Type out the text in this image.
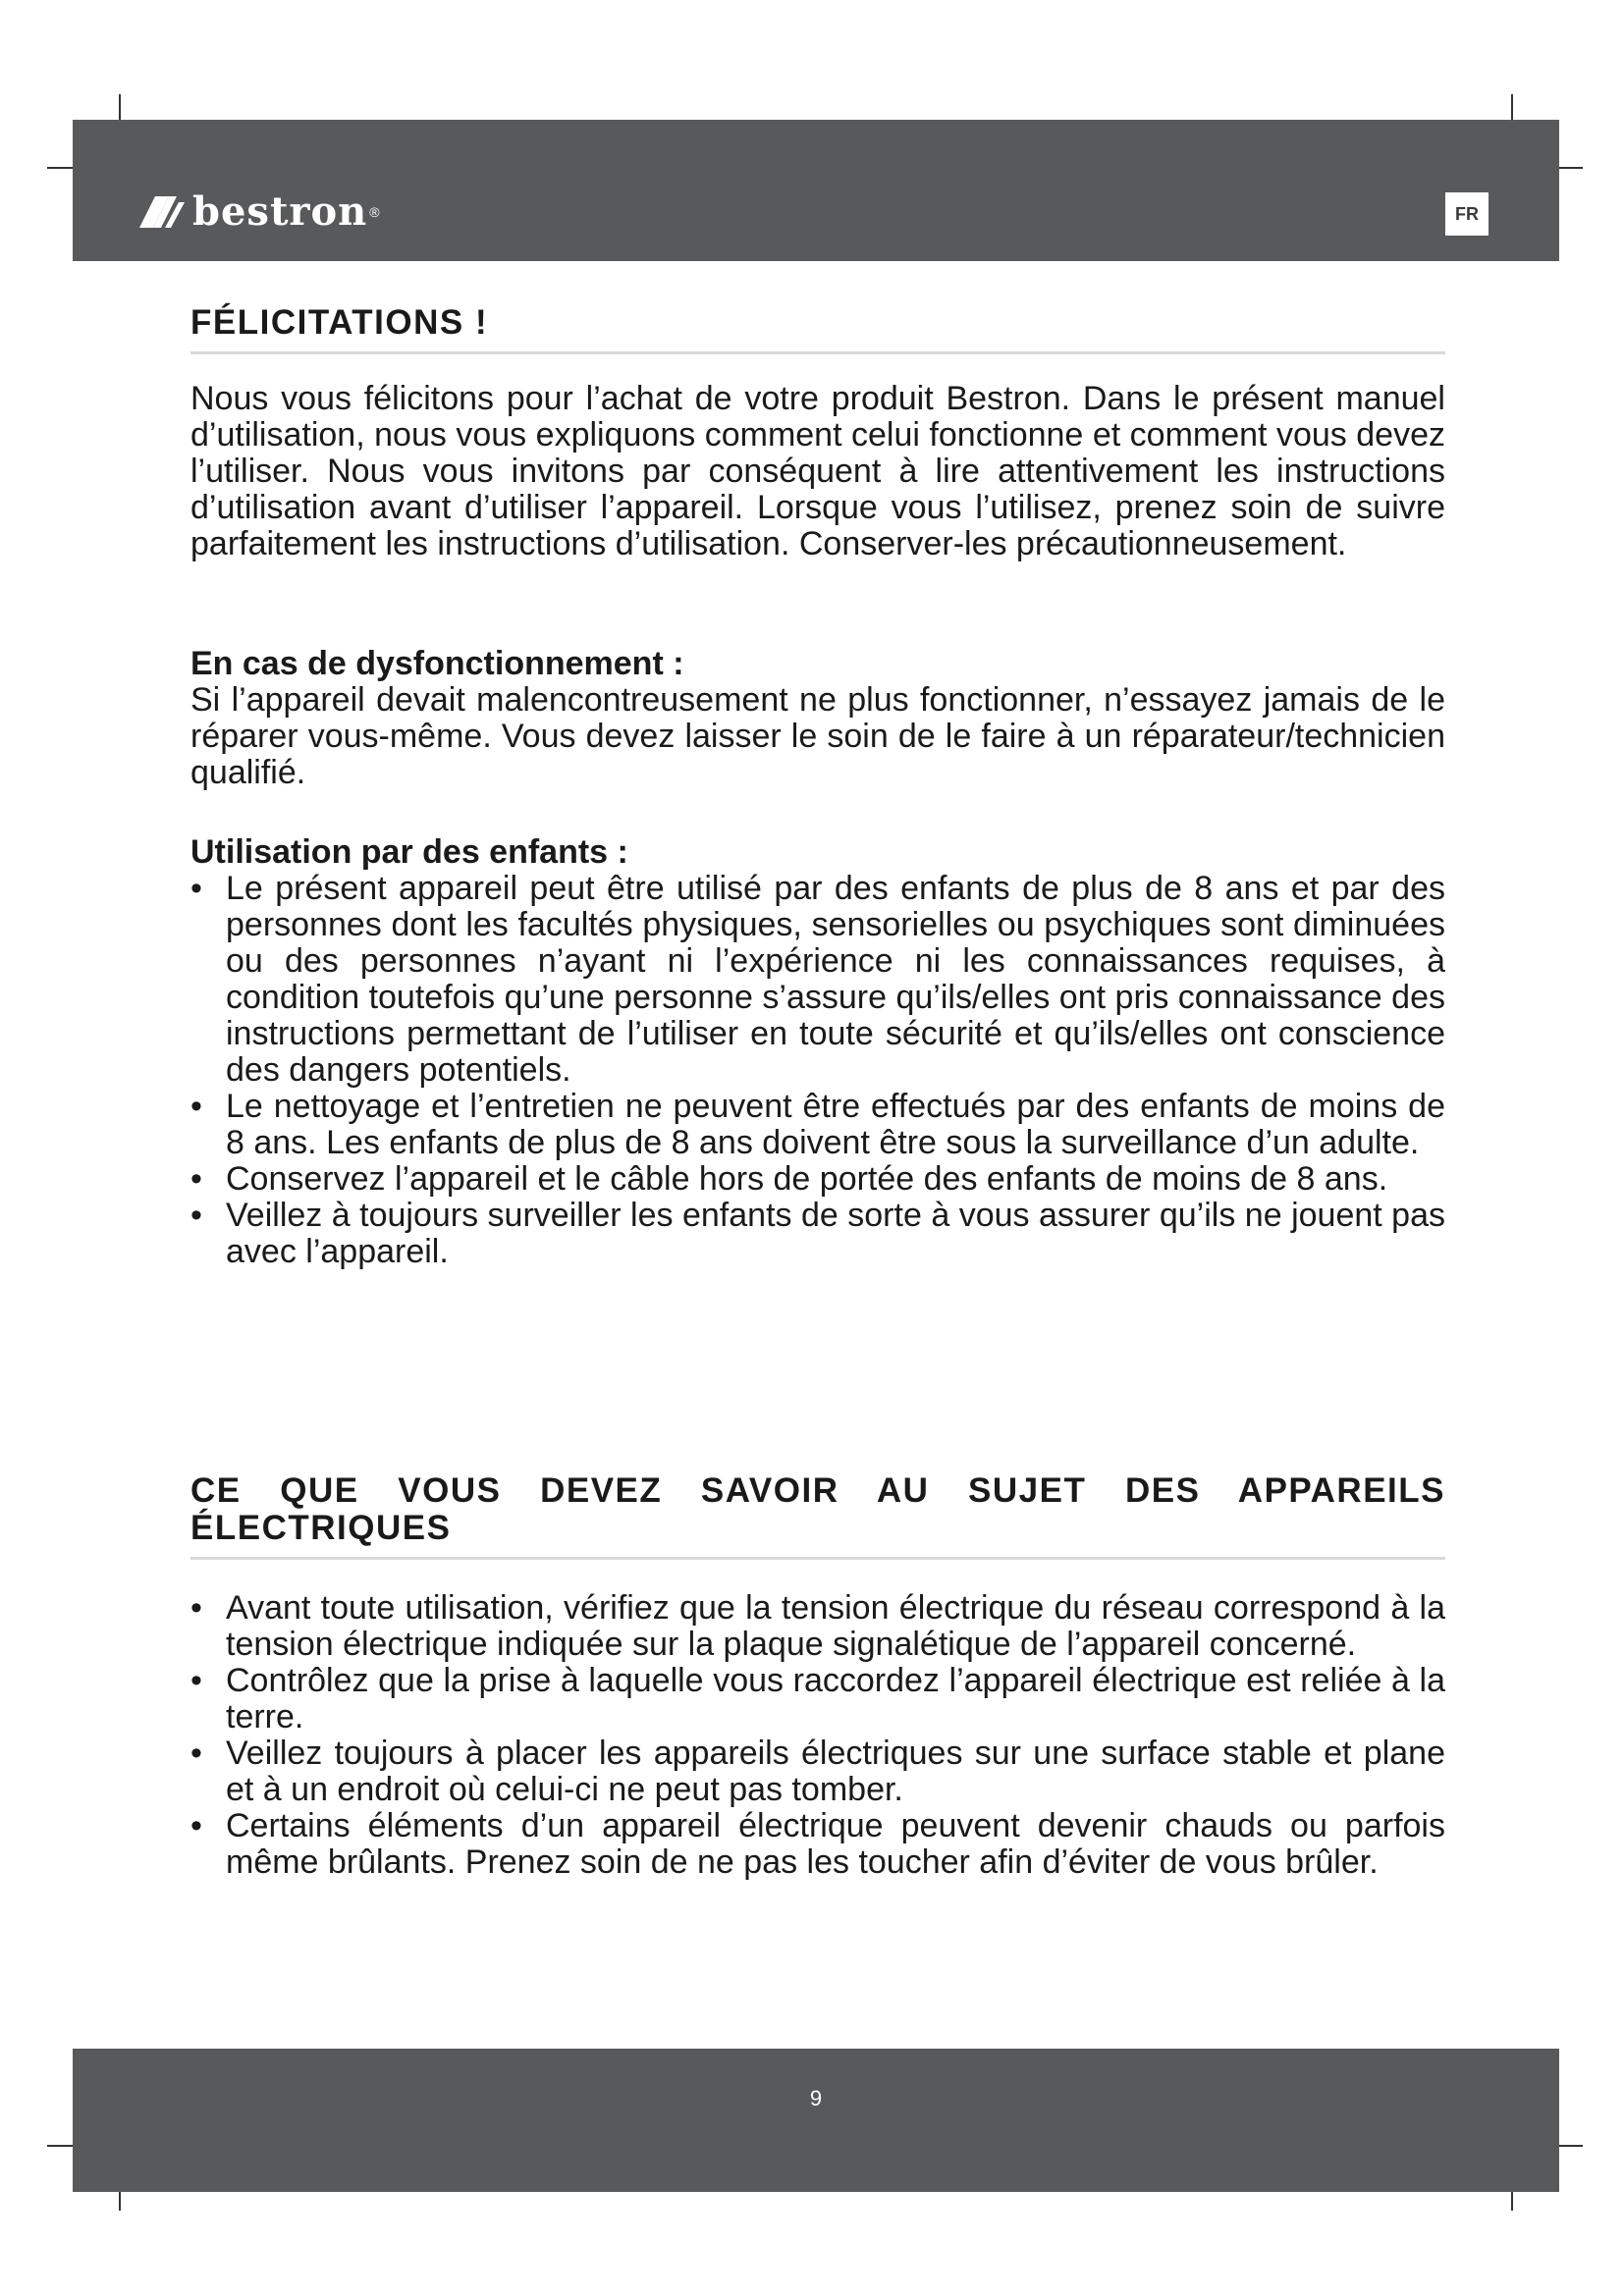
bestron ®	FR
FÉLICITATIONS !

Nous vous félicitons pour l’achat de votre produit Bestron. Dans le présent manuel d’utilisation, nous vous expliquons comment celui fonctionne et comment vous devez l’utiliser. Nous vous invitons par conséquent à lire attentivement les instructions d’utilisation avant d’utiliser l’appareil. Lorsque vous l’utilisez, prenez soin de suivre parfaitement les instructions d’utilisation. Conserver-les précautionneusement.

En cas de dysfonctionnement :

Si l’appareil devait malencontreusement ne plus fonctionner, n’essayez jamais de le réparer vous-même. Vous devez laisser le soin de le faire à un réparateur/technicien qualifié.

Utilisation par des enfants :
• Le présent appareil peut être utilisé par des enfants de plus de 8 ans et par des personnes dont les facultés physiques, sensorielles ou psychiques sont diminuées ou des personnes n’ayant ni l’expérience ni les connaissances requises, à condition toutefois qu’une personne s’assure qu’ils/elles ont pris connaissance des instructions permettant de l’utiliser en toute sécurité et qu’ils/elles ont conscience des dangers potentiels.
• Le nettoyage et l’entretien ne peuvent être effectués par des enfants de moins de 8 ans. Les enfants de plus de 8 ans doivent être sous la surveillance d’un adulte.
• Conservez l’appareil et le câble hors de portée des enfants de moins de 8 ans.
• Veillez à toujours surveiller les enfants de sorte à vous assurer qu’ils ne jouent pas avec l’appareil.
CE QUE VOUS DEVEZ SAVOIR AU SUJET DES APPAREILS
ÉLECTRIQUES
• Avant toute utilisation, vérifiez que la tension électrique du réseau correspond à la tension électrique indiquée sur la plaque signalétique de l’appareil concerné.
• Contrôlez que la prise à laquelle vous raccordez l’appareil électrique est reliée à la terre.
• Veillez toujours à placer les appareils électriques sur une surface stable et plane et à un endroit où celui-ci ne peut pas tomber.
• Certains éléments d’un appareil électrique peuvent devenir chauds ou parfois même brûlants. Prenez soin de ne pas les toucher afin d’éviter de vous brûler.
9
